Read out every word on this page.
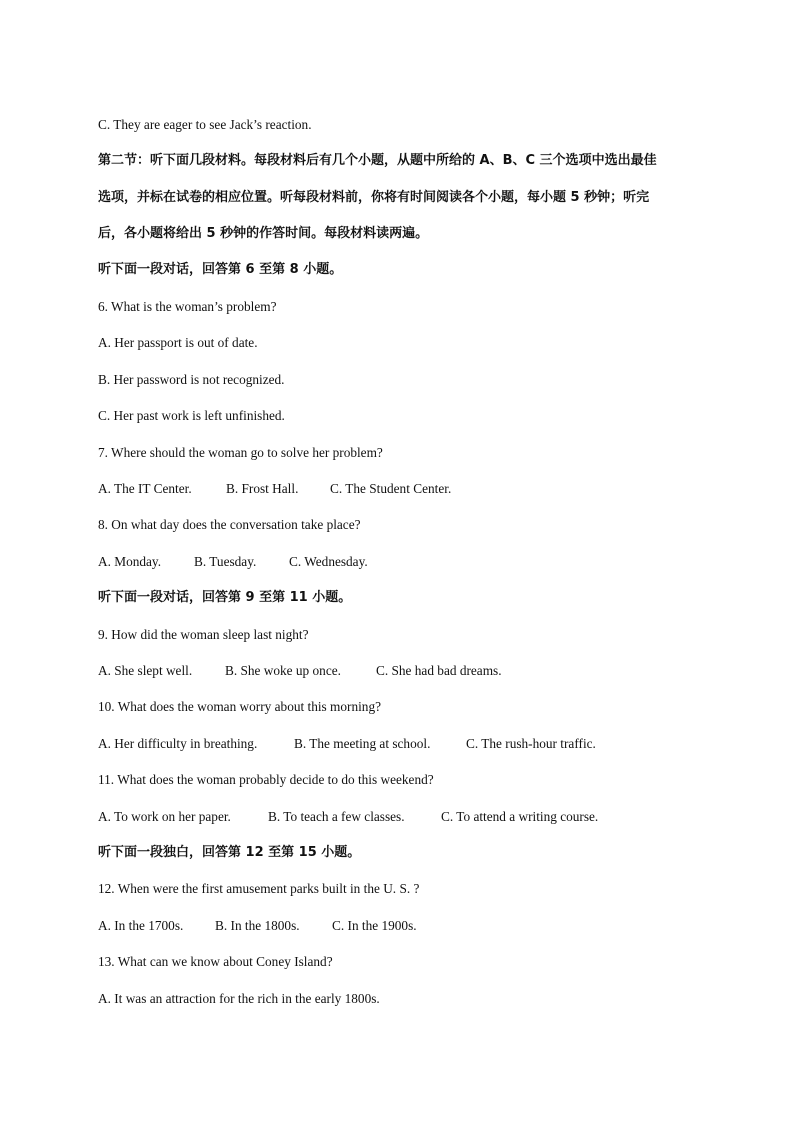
C. They are eager to see Jack’s reaction.
第二节：听下面几段材料。每段材料后有几个小题，从题中所给的 A、B、C 三个选项中选出最佳
选项，并标在试卷的相应位置。听每段材料前，你将有时间阅读各个小题，每小题 5 秒钟；听完
后，各小题将给出 5 秒钟的作答时间。每段材料读两遍。
听下面一段对话，回答第 6 至第 8 小题。
6. What is the woman’s problem?
A. Her passport is out of date.
B. Her password is not recognized.
C. Her past work is left unfinished.
7. Where should the woman go to solve her problem?
A. The IT Center.	B. Frost Hall. C. The Student Center.
8. On what day does the conversation take place?
A. Monday. B. Tuesday. C. Wednesday.
听下面一段对话，回答第 9 至第 11 小题。
9. How did the woman sleep last night?
A. She slept well. B. She woke up once.	C. She had bad dreams.
10. What does the woman worry about this morning?
A. Her difficulty in breathing.	B. The meeting at school.	C. The rush-hour traffic.
11. What does the woman probably decide to do this weekend?
A. To work on her paper.	B. To teach a few classes.	C. To attend a writing course.
听下面一段独白，回答第 12 至第 15 小题。
12. When were the first amusement parks built in the U. S. ?
A. In the 1700s. B. In the 1800s. C. In the 1900s.
13. What can we know about Coney Island?
A. It was an attraction for the rich in the early 1800s.
